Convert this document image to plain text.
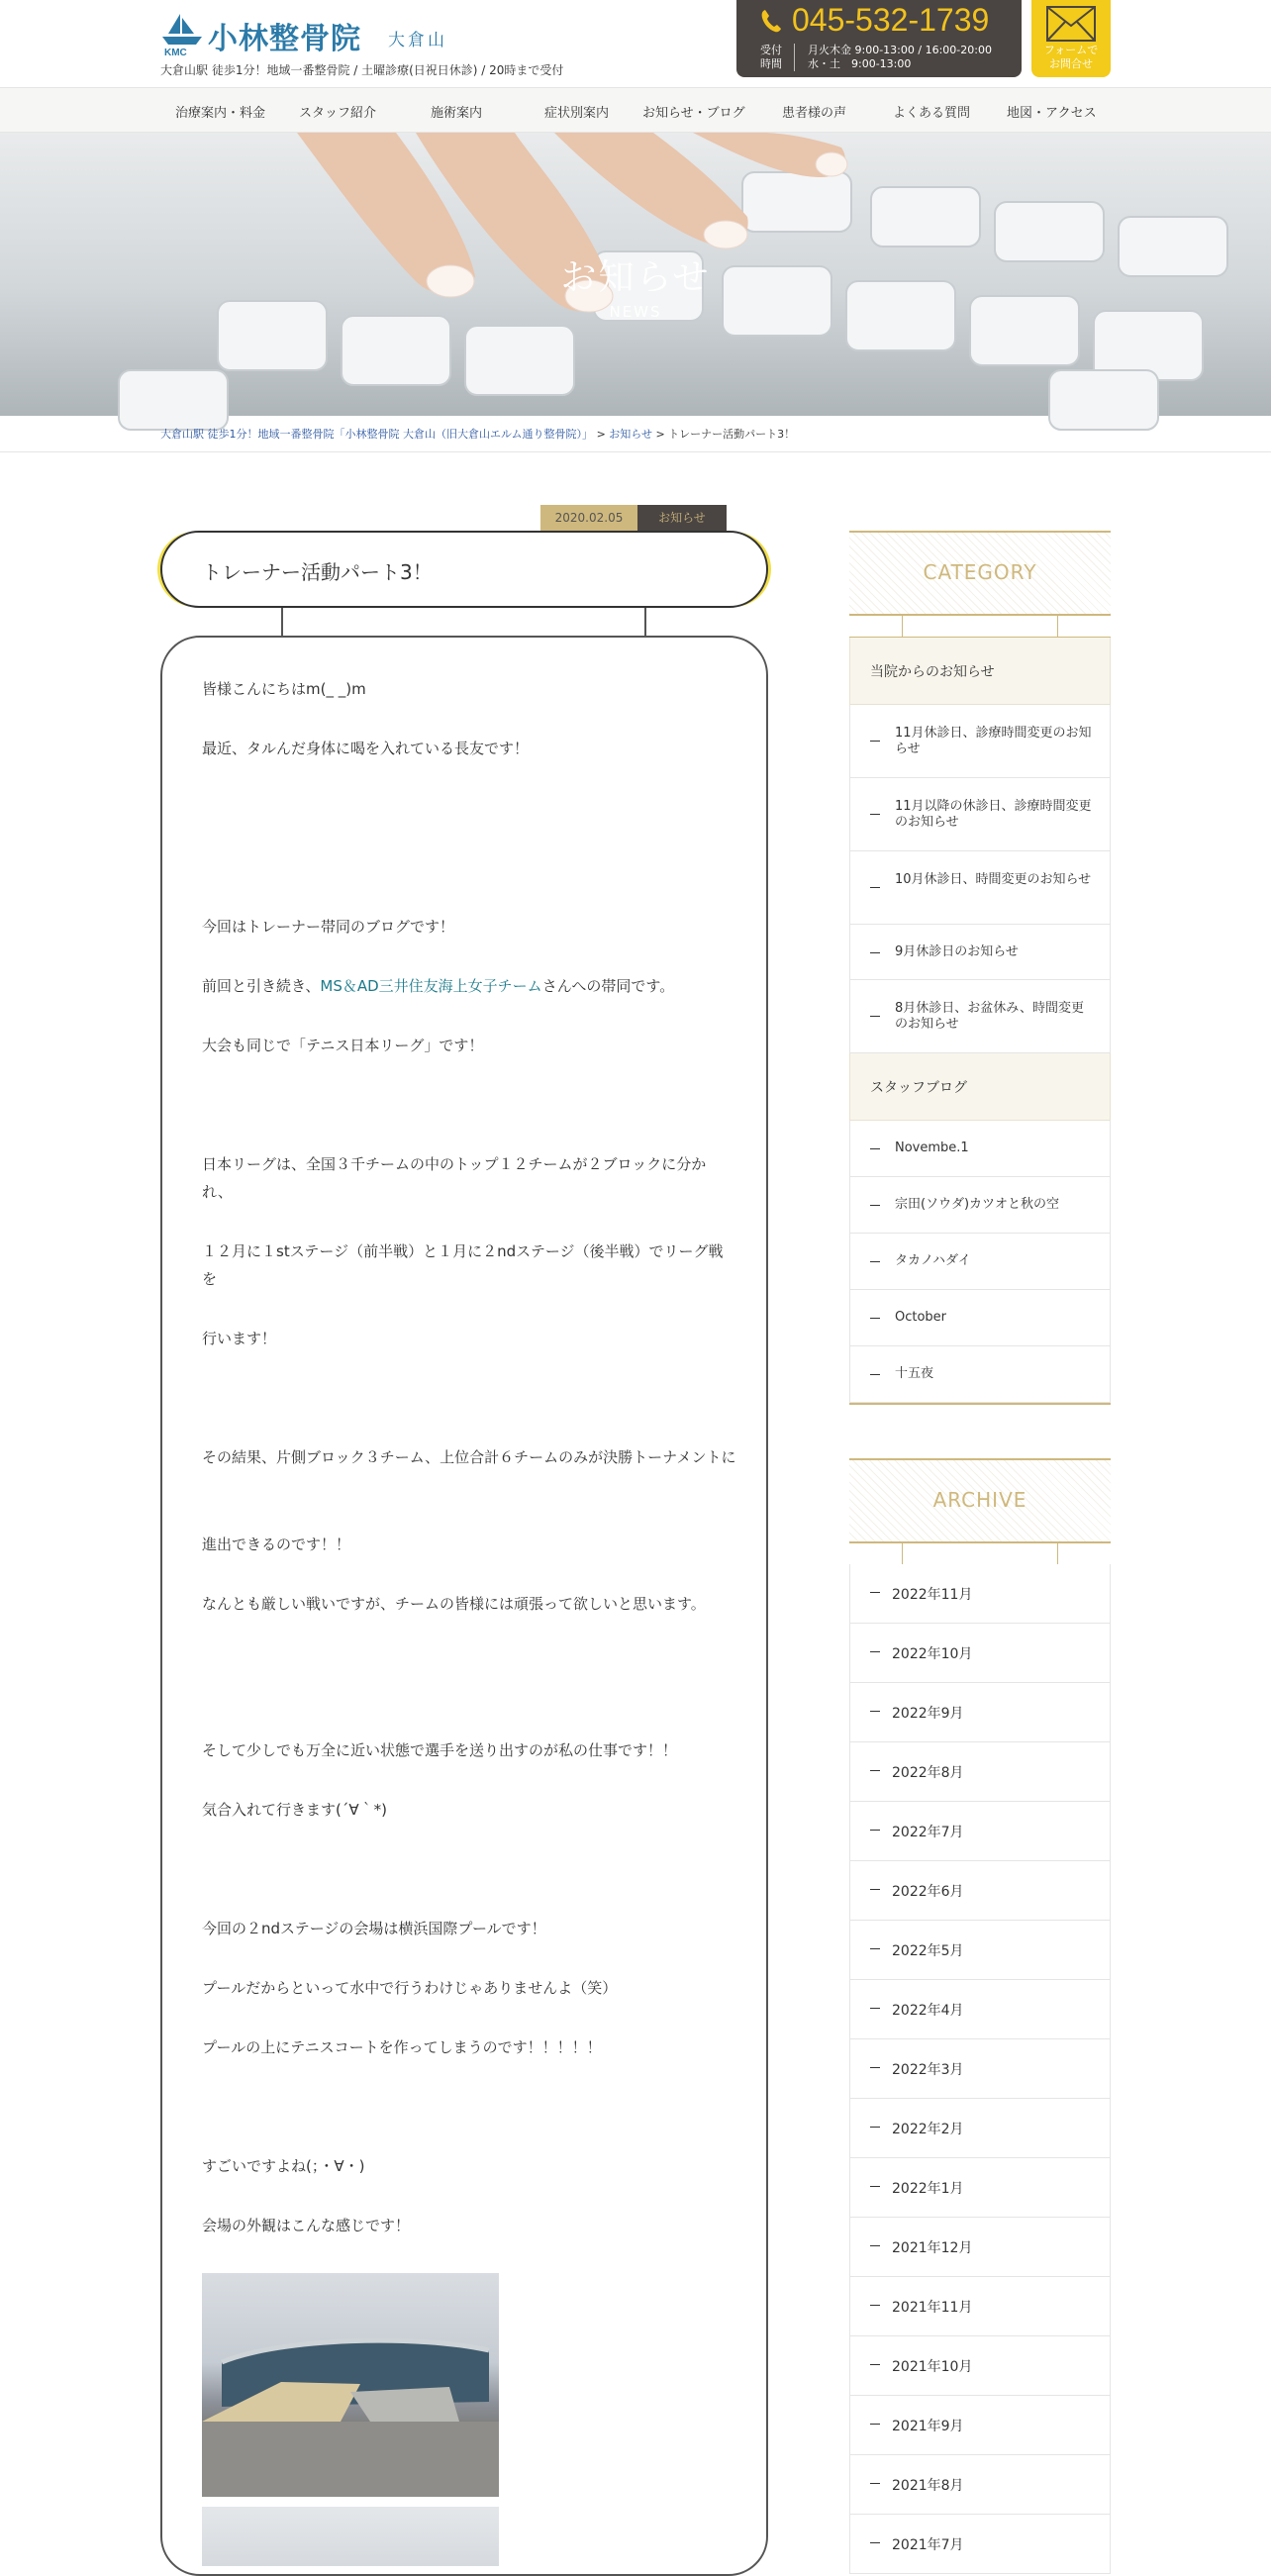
KMC 小林整骨院 大倉山
大倉山駅 徒歩1分！地域一番整骨院 / 土曜診療(日祝日休診) / 20時まで受付
045-532-1739
受付
時間
月火木金 9:00-13:00 / 16:00-20:00
水・土　9:00-13:00
フォームで
お問合せ
治療案内・料金	スタッフ紹介	施術案内	症状別案内	お知らせ・ブログ	患者様の声	よくある質問	地図・アクセス
お知らせ
NEWS
大倉山駅 徒歩1分！地域一番整骨院「小林整骨院 大倉山（旧大倉山エルム通り整骨院）」 > お知らせ > トレーナー活動パート3！
2020.02.05	お知らせ
トレーナー活動パート3！
皆様こんにちはm(_ _)m
最近、タルんだ身体に喝を入れている長友です！
今回はトレーナー帯同のブログです！
前回と引き続き、MS＆AD三井住友海上女子チームさんへの帯同です。
大会も同じで「テニス日本リーグ」です！
日本リーグは、全国３千チームの中のトップ１２チームが２ブロックに分かれ、
１２月に１stステージ（前半戦）と１月に２ndステージ（後半戦）でリーグ戦を
行います！
その結果、片側ブロック３チーム、上位合計６チームのみが決勝トーナメントに
進出できるのです！！
なんとも厳しい戦いですが、チームの皆様には頑張って欲しいと思います。
そして少しでも万全に近い状態で選手を送り出すのが私の仕事です！！
気合入れて行きます(´∀｀*)
今回の２ndステージの会場は横浜国際プールです！
プールだからといって水中で行うわけじゃありませんよ（笑）
プールの上にテニスコートを作ってしまうのです！！！！！
すごいですよね(；・∀・)
会場の外観はこんな感じです！
CATEGORY
当院からのお知らせ
11月休診日、診療時間変更のお知らせ
11月以降の休診日、診療時間変更のお知らせ
10月休診日、時間変更のお知らせ
9月休診日のお知らせ
8月休診日、お盆休み、時間変更のお知らせ
スタッフブログ
Novembe.1
宗田(ソウダ)カツオと秋の空
タカノハダイ
October
十五夜
ARCHIVE
2022年11月
2022年10月
2022年9月
2022年8月
2022年7月
2022年6月
2022年5月
2022年4月
2022年3月
2022年2月
2022年1月
2021年12月
2021年11月
2021年10月
2021年9月
2021年8月
2021年7月
